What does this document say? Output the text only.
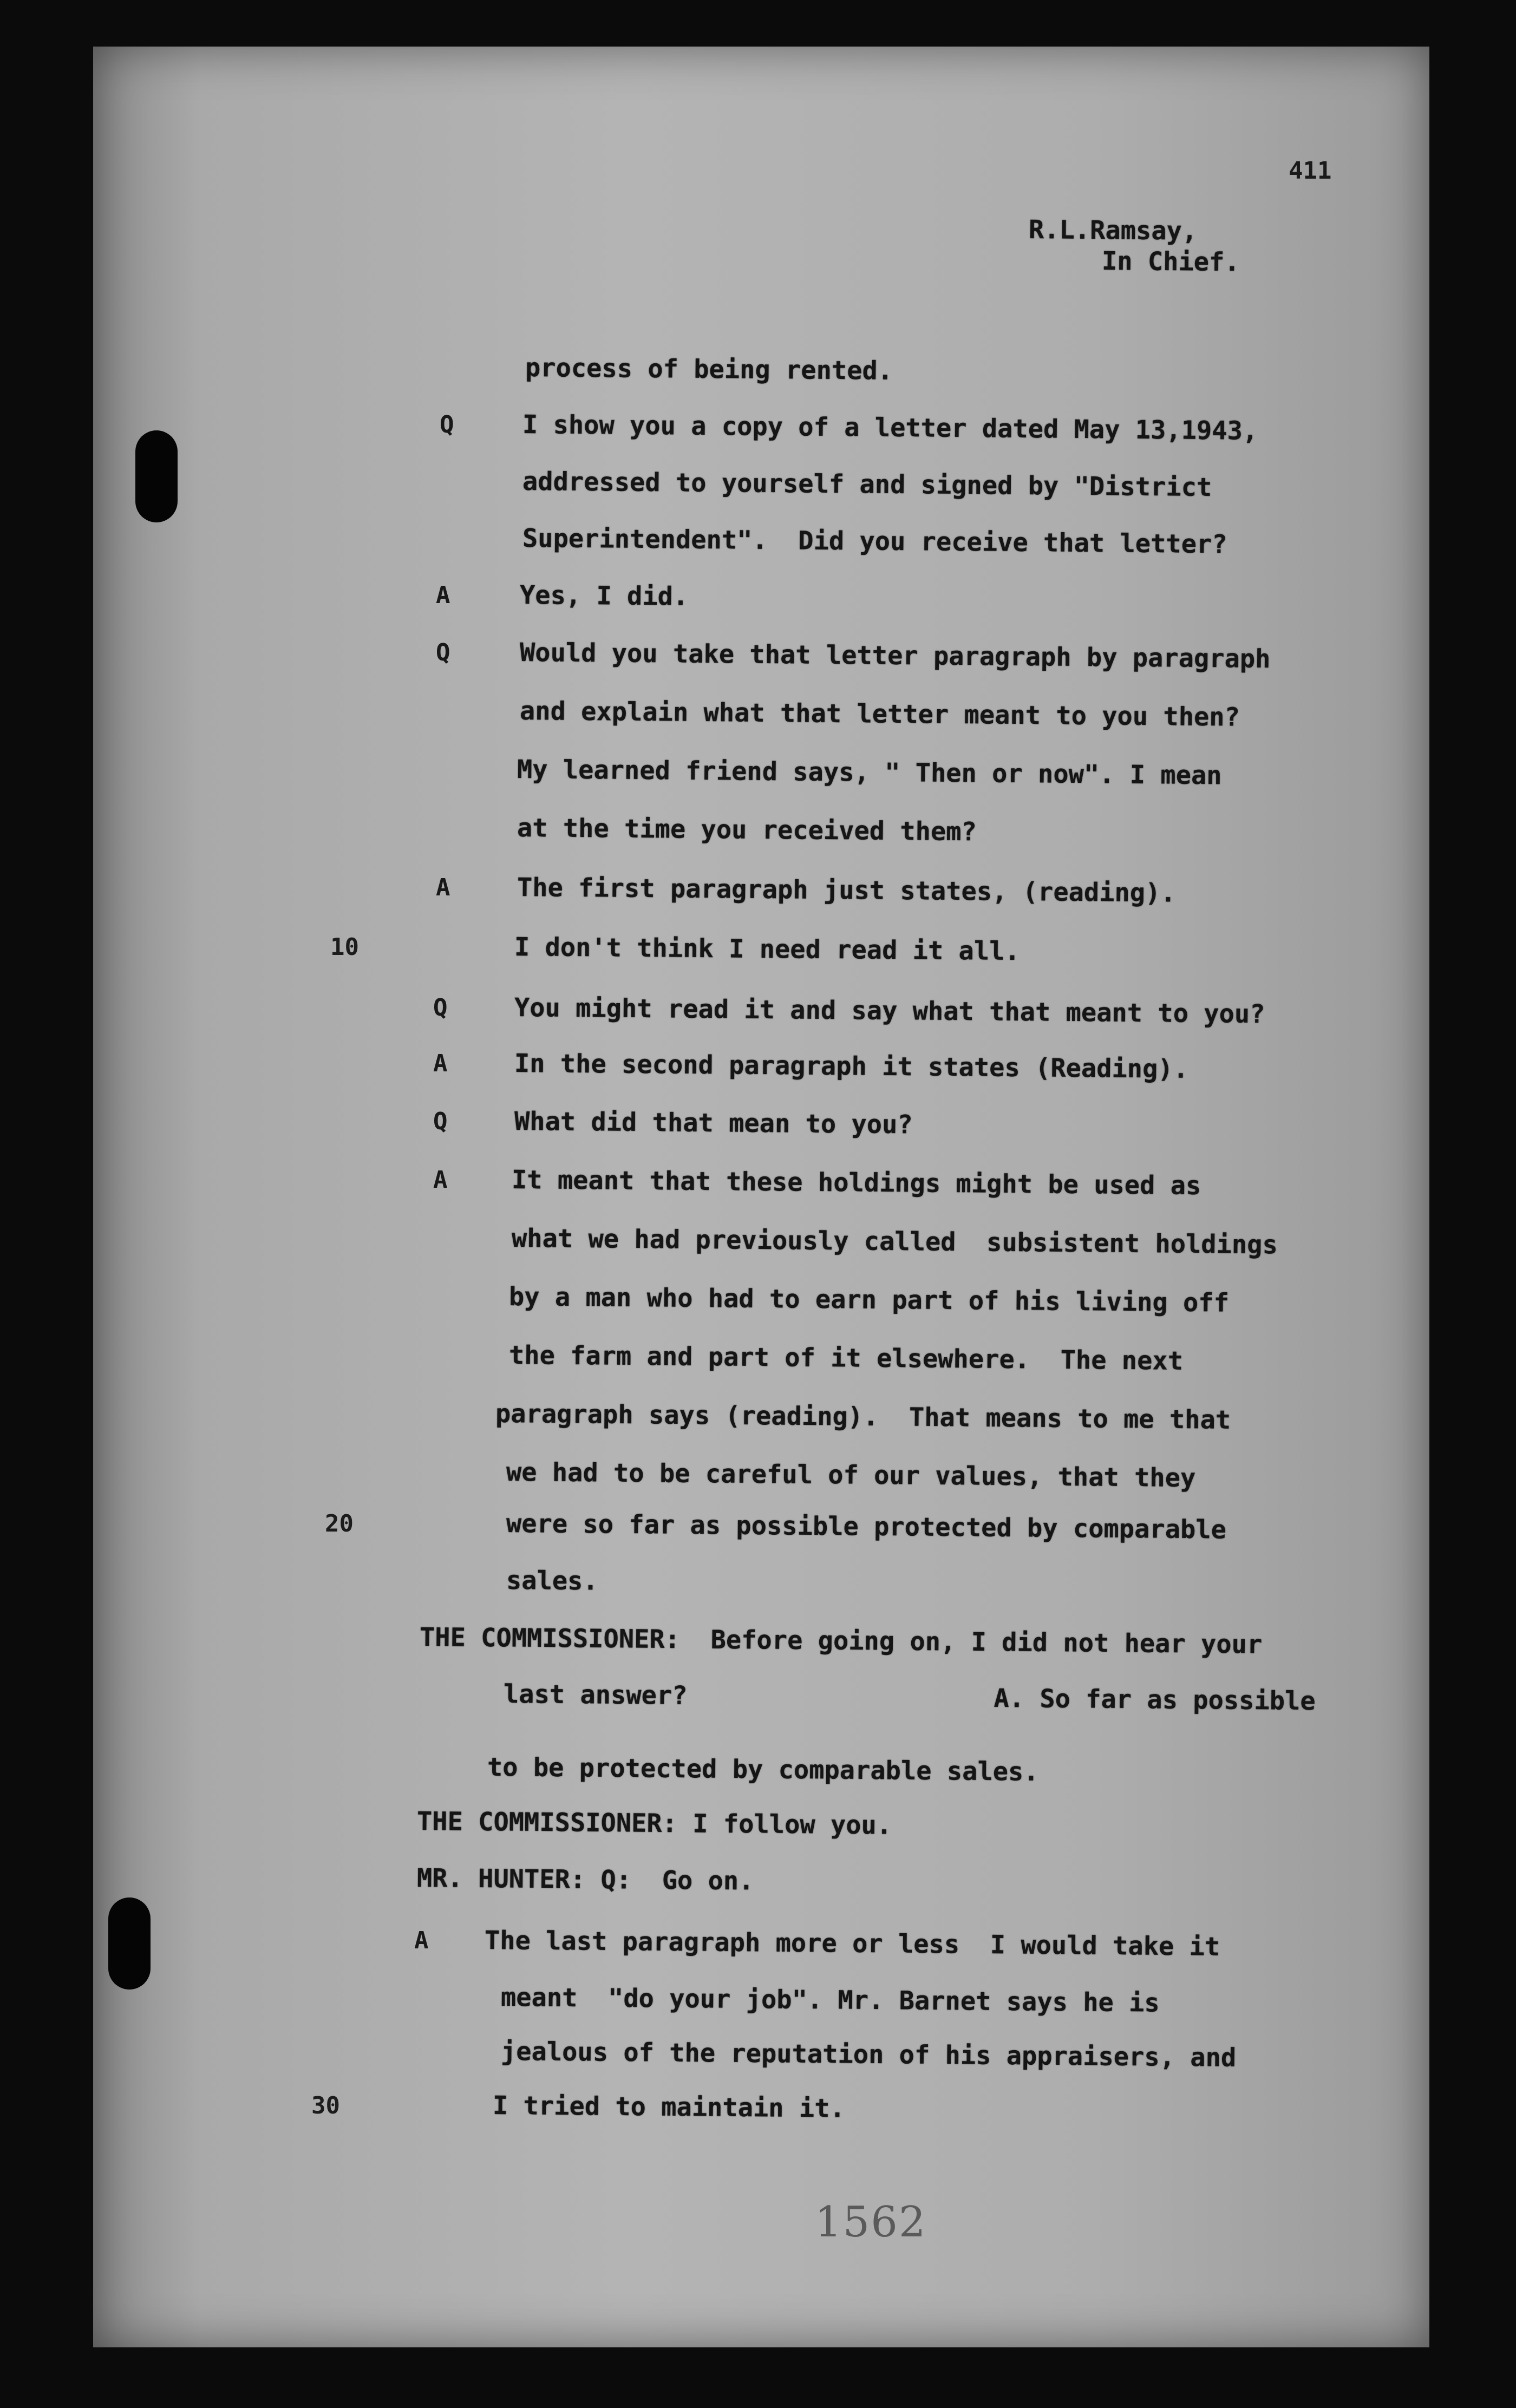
411
R.L.Ramsay,
In Chief.
Q
A
Q
A
Q
A
Q
A
A
10
20
30
process of being rented.
I show you a copy of a letter dated May 13,1943,
addressed to yourself and signed by "District
Superintendent".  Did you receive that letter?
Yes, I did.
Would you take that letter paragraph by paragraph
and explain what that letter meant to you then?
My learned friend says, " Then or now". I mean
at the time you received them?
The first paragraph just states, (reading).
I don't think I need read it all.
You might read it and say what that meant to you?
In the second paragraph it states (Reading).
What did that mean to you?
It meant that these holdings might be used as
what we had previously called  subsistent holdings
by a man who had to earn part of his living off
the farm and part of it elsewhere.  The next
paragraph says (reading).  That means to me that
we had to be careful of our values, that they
were so far as possible protected by comparable
sales.
THE COMMISSIONER:  Before going on, I did not hear your
last answer?                    A. So far as possible
to be protected by comparable sales.
THE COMMISSIONER: I follow you.
MR. HUNTER: Q:  Go on.
The last paragraph more or less  I would take it
meant  "do your job". Mr. Barnet says he is
jealous of the reputation of his appraisers, and
I tried to maintain it.
1562
